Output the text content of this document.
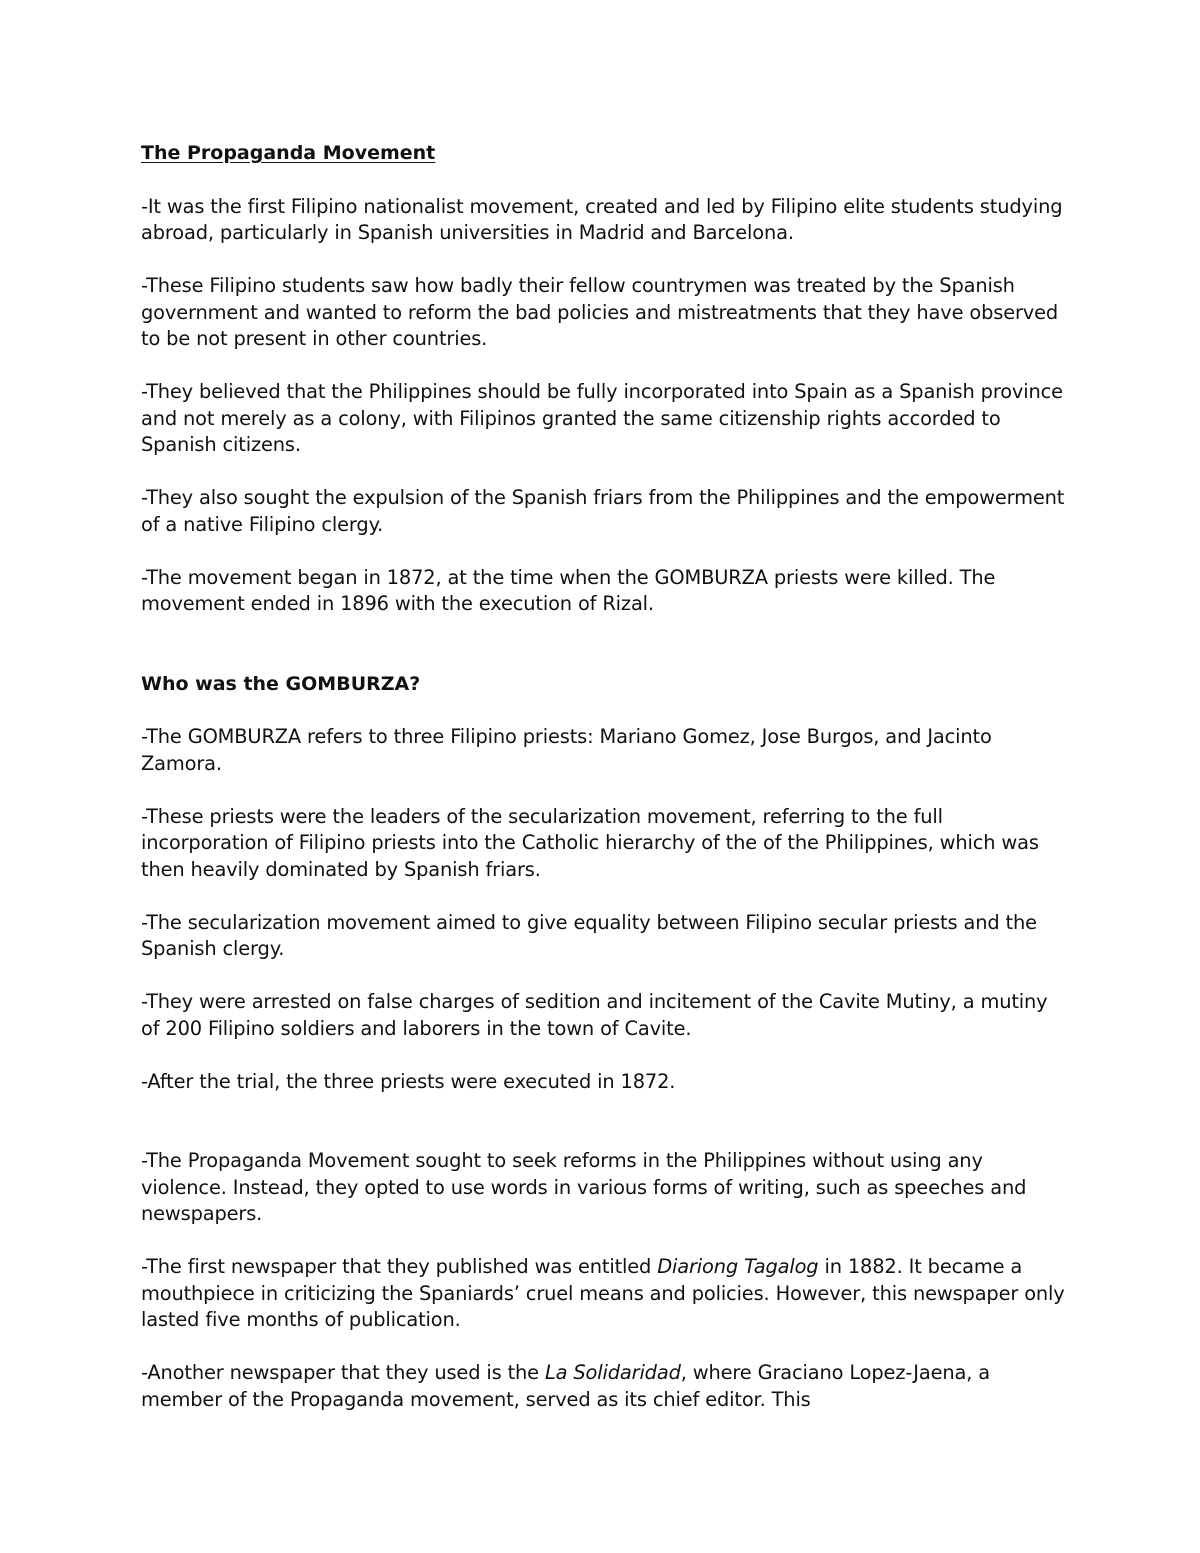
The Propaganda Movement

-It was the first Filipino nationalist movement, created and led by Filipino elite students studying abroad, particularly in Spanish universities in Madrid and Barcelona.

-These Filipino students saw how badly their fellow countrymen was treated by the Spanish government and wanted to reform the bad policies and mistreatments that they have observed to be not present in other countries.

-They believed that the Philippines should be fully incorporated into Spain as a Spanish province and not merely as a colony, with Filipinos granted the same citizenship rights accorded to Spanish citizens.

-They also sought the expulsion of the Spanish friars from the Philippines and the empowerment of a native Filipino clergy.

-The movement began in 1872, at the time when the GOMBURZA priests were killed. The movement ended in 1896 with the execution of Rizal.

Who was the GOMBURZA?

-The GOMBURZA refers to three Filipino priests: Mariano Gomez, Jose Burgos, and Jacinto Zamora.

-These priests were the leaders of the secularization movement, referring to the full incorporation of Filipino priests into the Catholic hierarchy of the of the Philippines, which was then heavily dominated by Spanish friars.

-The secularization movement aimed to give equality between Filipino secular priests and the Spanish clergy.

-They were arrested on false charges of sedition and incitement of the Cavite Mutiny, a mutiny of 200 Filipino soldiers and laborers in the town of Cavite.

-After the trial, the three priests were executed in 1872.

-The Propaganda Movement sought to seek reforms in the Philippines without using any violence. Instead, they opted to use words in various forms of writing, such as speeches and newspapers.

-The first newspaper that they published was entitled Diariong Tagalog in 1882. It became a mouthpiece in criticizing the Spaniards’ cruel means and policies. However, this newspaper only lasted five months of publication.

-Another newspaper that they used is the La Solidaridad, where Graciano Lopez-Jaena, a member of the Propaganda movement, served as its chief editor. This
